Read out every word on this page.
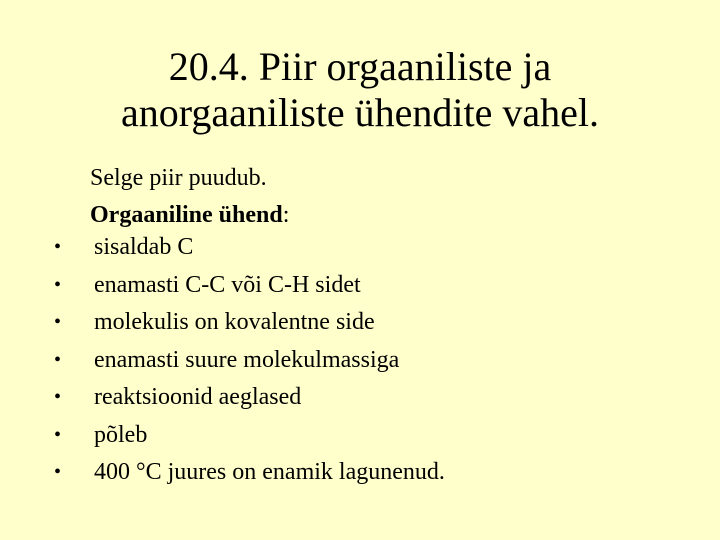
20.4. Piir orgaaniliste ja
anorgaaniliste ühendite vahel.
Selge piir puudub.
Orgaaniline ühend:
• sisaldab C
• enamasti C-C või C-H sidet
• molekulis on kovalentne side
• enamasti suure molekulmassiga
• reaktsioonid aeglased
• põleb
• 400 °C juures on enamik lagunenud.
